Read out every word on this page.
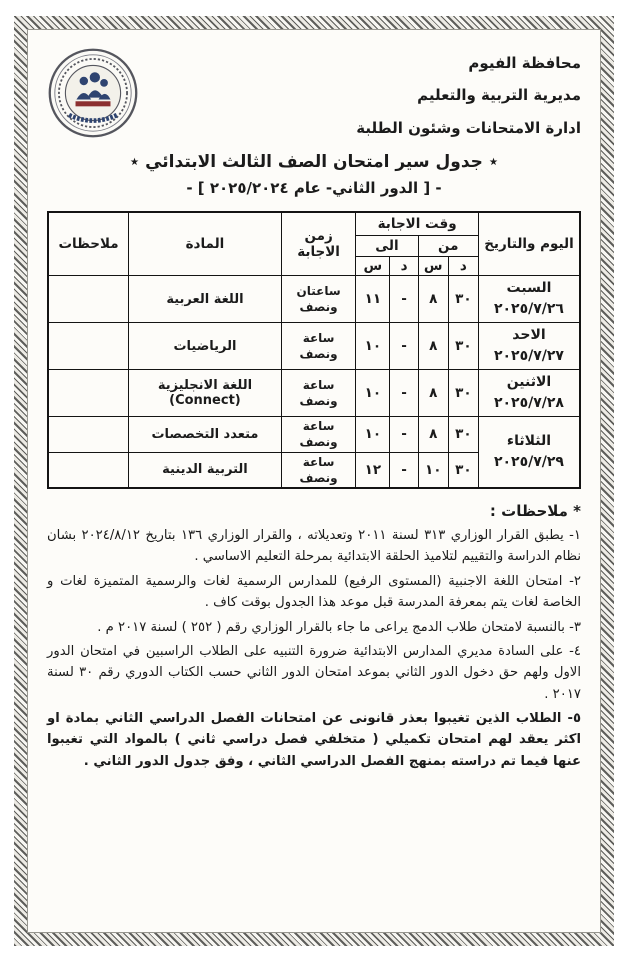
محافظة الفيوم
مديرية التربية والتعليم
ادارة الامتحانات وشئون الطلبة
٭ جدول سير امتحان الصف الثالث الابتدائي ٭
- [ الدور الثاني- عام ٢٠٢٥/٢٠٢٤ ] -
اليوم والتاريخ	وقت الاجابة				زمن الاجابة	المادة	ملاحظات
	من		الى				
	د	س	د	س			

السبت
٢٠٢٥/٧/٢٦	٣٠	٨	-	١١	ساعتان ونصف	اللغة العربية	

الاحد
٢٠٢٥/٧/٢٧	٣٠	٨	-	١٠	ساعة ونصف	الرياضيات	

الاثنين
٢٠٢٥/٧/٢٨	٣٠	٨	-	١٠	ساعة ونصف	اللغة الانجليزية (Connect)	

الثلاثاء
٢٠٢٥/٧/٢٩	٣٠	٨	-	١٠	ساعة ونصف	متعدد التخصصات	
	٣٠	١٠	-	١٢	ساعة ونصف	التربية الدينية	
* ملاحظات :

١- يطبق القرار الوزاري ٣١٣ لسنة ٢٠١١ وتعديلاته ، والقرار الوزاري ١٣٦ بتاريخ ٢٠٢٤/٨/١٢ بشان نظام الدراسة والتقييم لتلاميذ الحلقة الابتدائية بمرحلة التعليم الاساسي .

٢- امتحان اللغة الاجنبية (المستوى الرفيع) للمدارس الرسمية لغات والرسمية المتميزة لغات و الخاصة لغات يتم بمعرفة المدرسة قبل موعد هذا الجدول بوقت كاف .

٣- بالنسبة لامتحان طلاب الدمج يراعى ما جاء بالقرار الوزاري رقم ( ٢٥٢ ) لسنة ٢٠١٧ م .

٤- على السادة مديري المدارس الابتدائية ضرورة التنبيه على الطلاب الراسبين في امتحان الدور الاول ولهم حق دخول الدور الثاني بموعد امتحان الدور الثاني حسب الكتاب الدوري رقم ٣٠ لسنة ٢٠١٧ .

٥- الطلاب الذين تغيبوا بعذر قانونى عن امتحانات الفصل الدراسي الثاني بمادة او اكثر يعقد لهم امتحان تكميلي ( متخلفي فصل دراسي ثاني ) بالمواد التي تغيبوا عنها فيما تم دراسته بمنهج الفصل الدراسي الثاني ، وفق جدول الدور الثاني .
